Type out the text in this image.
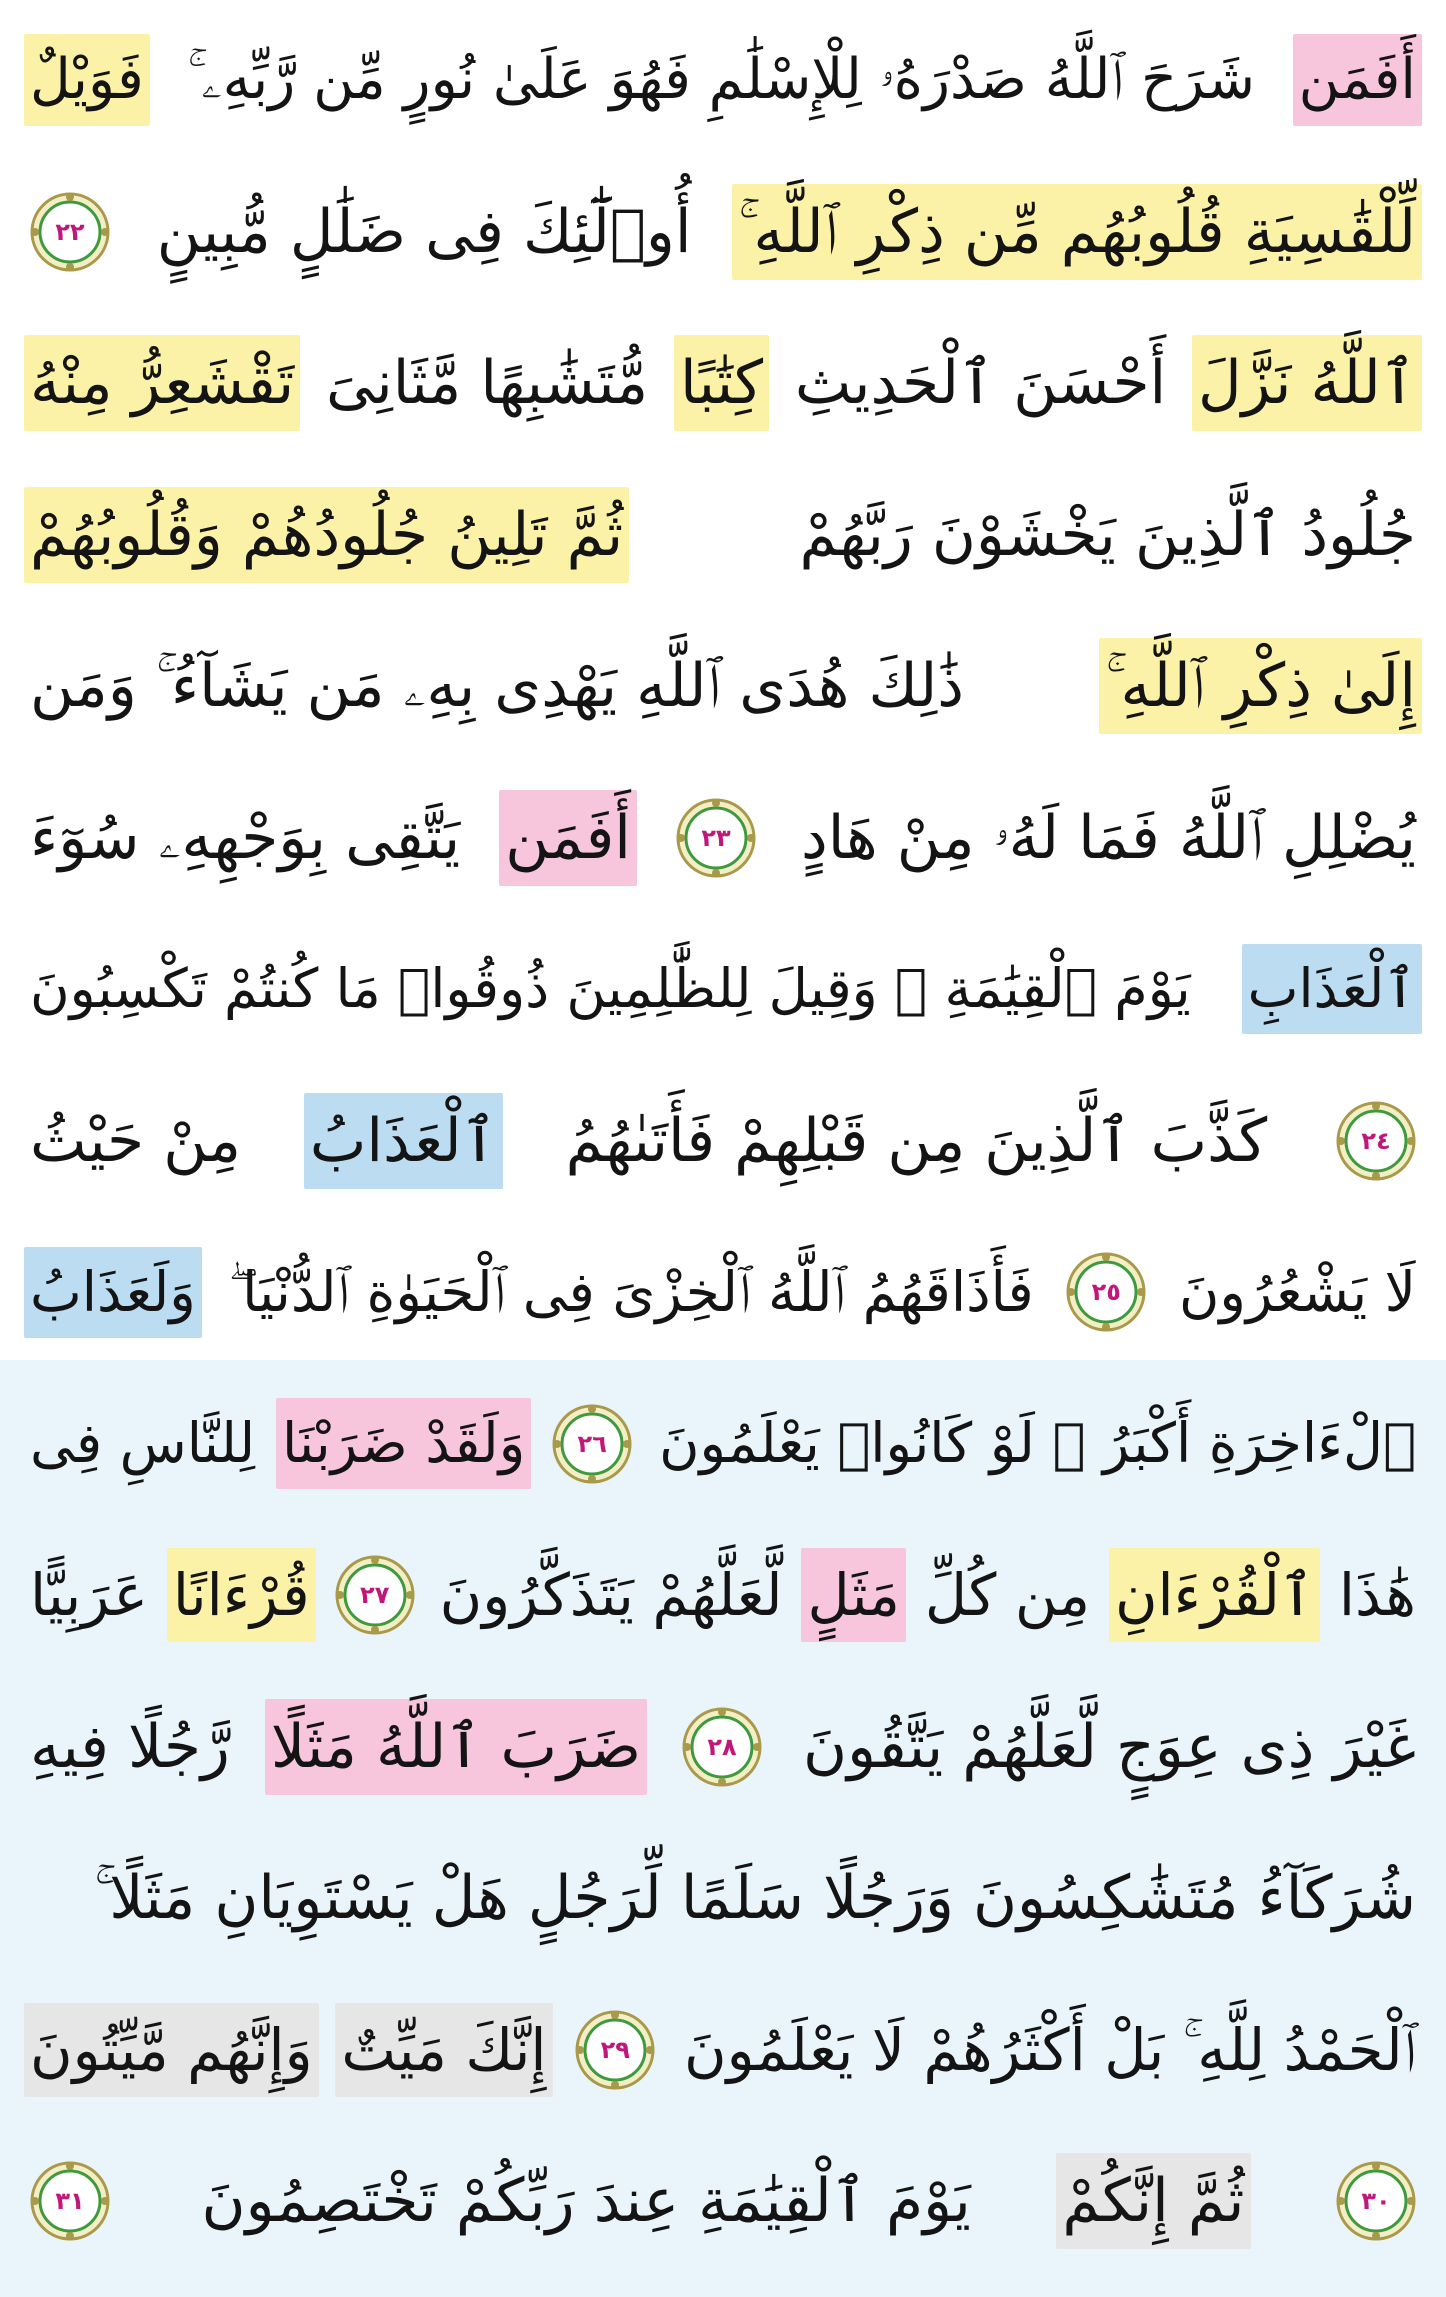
أَفَمَن
شَرَحَ ٱللَّهُ صَدْرَهُۥ لِلْإِسْلَٰمِ فَهُوَ عَلَىٰ نُورٍ مِّن رَّبِّهِۦ ۚ
فَوَيْلٌ
لِّلْقَٰسِيَةِ قُلُوبُهُم مِّن ذِكْرِ ٱللَّهِ ۚ
أُو۟لَٰٓئِكَ فِى ضَلَٰلٍ مُّبِينٍ
٢٢
ٱللَّهُ نَزَّلَ
أَحْسَنَ ٱلْحَدِيثِ
كِتَٰبًا
مُّتَشَٰبِهًا مَّثَانِىَ
تَقْشَعِرُّ مِنْهُ
جُلُودُ ٱلَّذِينَ يَخْشَوْنَ رَبَّهُمْ
ثُمَّ تَلِينُ جُلُودُهُمْ وَقُلُوبُهُمْ
إِلَىٰ ذِكْرِ ٱللَّهِ ۚ
ذَٰلِكَ هُدَى ٱللَّهِ يَهْدِى بِهِۦ مَن يَشَآءُ ۚ وَمَن
يُضْلِلِ ٱللَّهُ فَمَا لَهُۥ مِنْ هَادٍ
٢٣
أَفَمَن
يَتَّقِى بِوَجْهِهِۦ سُوٓءَ
ٱلْعَذَابِ
يَوْمَ ٱلْقِيَٰمَةِ ۚ وَقِيلَ لِلظَّٰلِمِينَ ذُوقُوا۟ مَا كُنتُمْ تَكْسِبُونَ
٢٤
كَذَّبَ ٱلَّذِينَ مِن قَبْلِهِمْ فَأَتَىٰهُمُ
ٱلْعَذَابُ
مِنْ حَيْثُ
لَا يَشْعُرُونَ
٢٥
فَأَذَاقَهُمُ ٱللَّهُ ٱلْخِزْىَ فِى ٱلْحَيَوٰةِ ٱلدُّنْيَا ۖ
وَلَعَذَابُ
ٱلْءَاخِرَةِ أَكْبَرُ ۚ لَوْ كَانُوا۟ يَعْلَمُونَ
٢٦
وَلَقَدْ ضَرَبْنَا
لِلنَّاسِ فِى
هَٰذَا
ٱلْقُرْءَانِ
مِن كُلِّ
مَثَلٍ
لَّعَلَّهُمْ يَتَذَكَّرُونَ
٢٧
قُرْءَانًا
عَرَبِيًّا
غَيْرَ ذِى عِوَجٍ لَّعَلَّهُمْ يَتَّقُونَ
٢٨
ضَرَبَ ٱللَّهُ مَثَلًا
رَّجُلًا فِيهِ
شُرَكَآءُ مُتَشَٰكِسُونَ وَرَجُلًا سَلَمًا لِّرَجُلٍ هَلْ يَسْتَوِيَانِ مَثَلًا ۚ
ٱلْحَمْدُ لِلَّهِ ۚ بَلْ أَكْثَرُهُمْ لَا يَعْلَمُونَ
٢٩
إِنَّكَ مَيِّتٌ
وَإِنَّهُم مَّيِّتُونَ
٣٠
ثُمَّ إِنَّكُمْ
يَوْمَ ٱلْقِيَٰمَةِ عِندَ رَبِّكُمْ تَخْتَصِمُونَ
٣١
